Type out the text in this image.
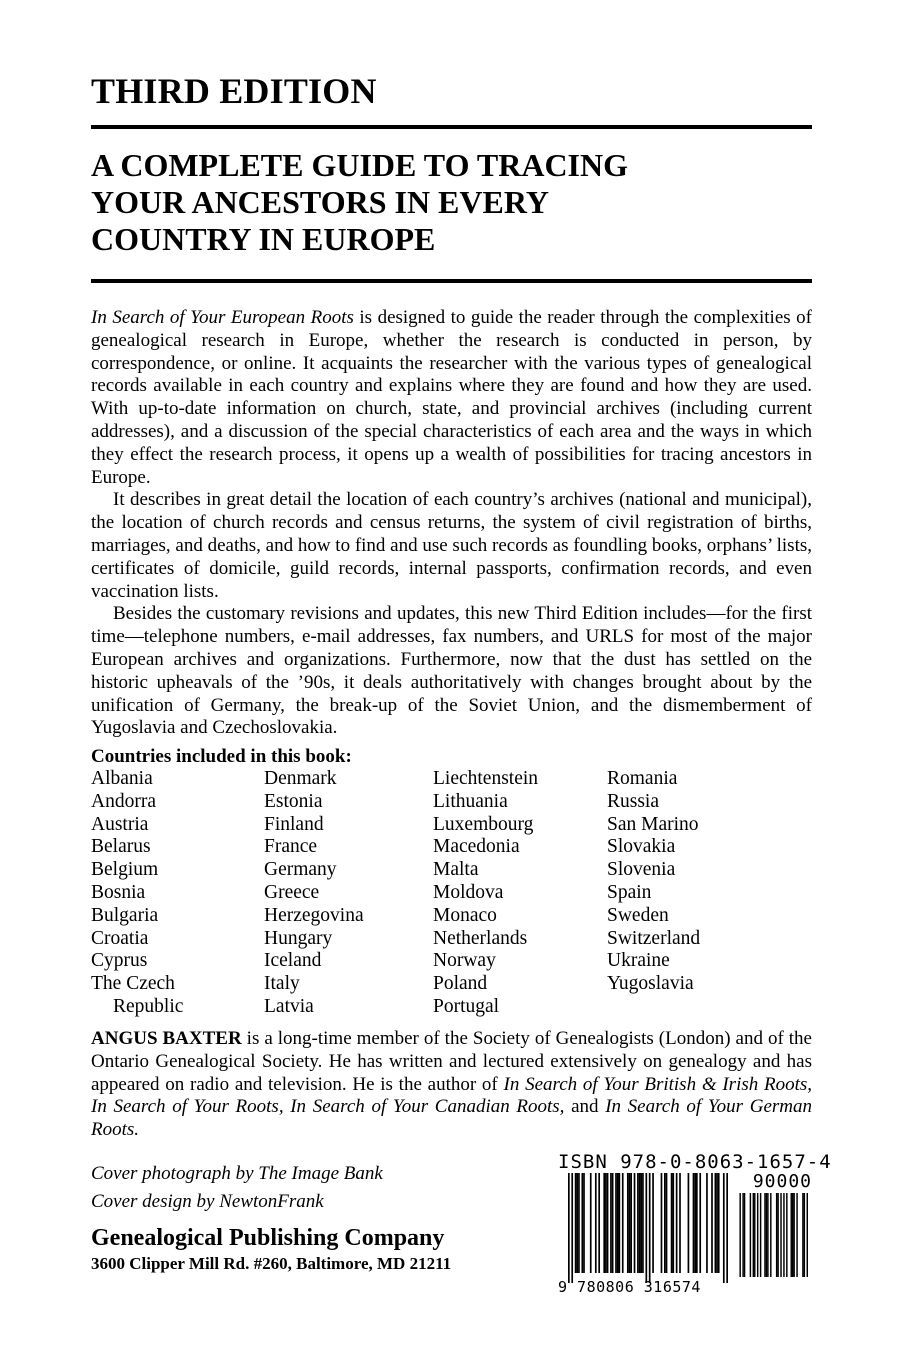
THIRD EDITION
A COMPLETE GUIDE TO TRACING
YOUR ANCESTORS IN EVERY
COUNTRY IN EUROPE

In Search of Your European Roots is designed to guide the reader through the complexities of genealogical research in Europe, whether the research is conducted in person, by correspondence, or online. It acquaints the researcher with the various types of genealogical records available in each country and explains where they are found and how they are used. With up-to-date information on church, state, and provincial archives (including current addresses), and a discussion of the special characteristics of each area and the ways in which they effect the research process, it opens up a wealth of possibilities for tracing ancestors in Europe.

It describes in great detail the location of each country’s archives (national and municipal), the location of church records and census returns, the system of civil registration of births, marriages, and deaths, and how to find and use such records as foundling books, orphans’ lists, certificates of domicile, guild records, internal passports, confirmation records, and even vaccination lists.

Besides the customary revisions and updates, this new Third Edition includes—for the first time—telephone numbers, e-mail addresses, fax numbers, and URLS for most of the major European archives and organizations. Furthermore, now that the dust has settled on the historic upheavals of the ’90s, it deals authoritatively with changes brought about by the unification of Germany, the break-up of the Soviet Union, and the dismemberment of Yugoslavia and Czechoslovakia.

Countries included in this book:
Albania
Andorra
Austria
Belarus
Belgium
Bosnia
Bulgaria
Croatia
Cyprus
The Czech
Republic
Denmark
Estonia
Finland
France
Germany
Greece
Herzegovina
Hungary
Iceland
Italy
Latvia
Liechtenstein
Lithuania
Luxembourg
Macedonia
Malta
Moldova
Monaco
Netherlands
Norway
Poland
Portugal
Romania
Russia
San Marino
Slovakia
Slovenia
Spain
Sweden
Switzerland
Ukraine
Yugoslavia
ANGUS BAXTER is a long-time member of the Society of Genealogists (London) and of the Ontario Genealogical Society. He has written and lectured extensively on genealogy and has appeared on radio and television. He is the author of In Search of Your British & Irish Roots, In Search of Your Roots, In Search of Your Canadian Roots, and In Search of Your German Roots.
Cover photograph by The Image Bank
Cover design by NewtonFrank
Genealogical Publishing Company
3600 Clipper Mill Rd. #260, Baltimore, MD 21211
ISBN 978-0-8063-1657-4
90000
9 780806 316574
